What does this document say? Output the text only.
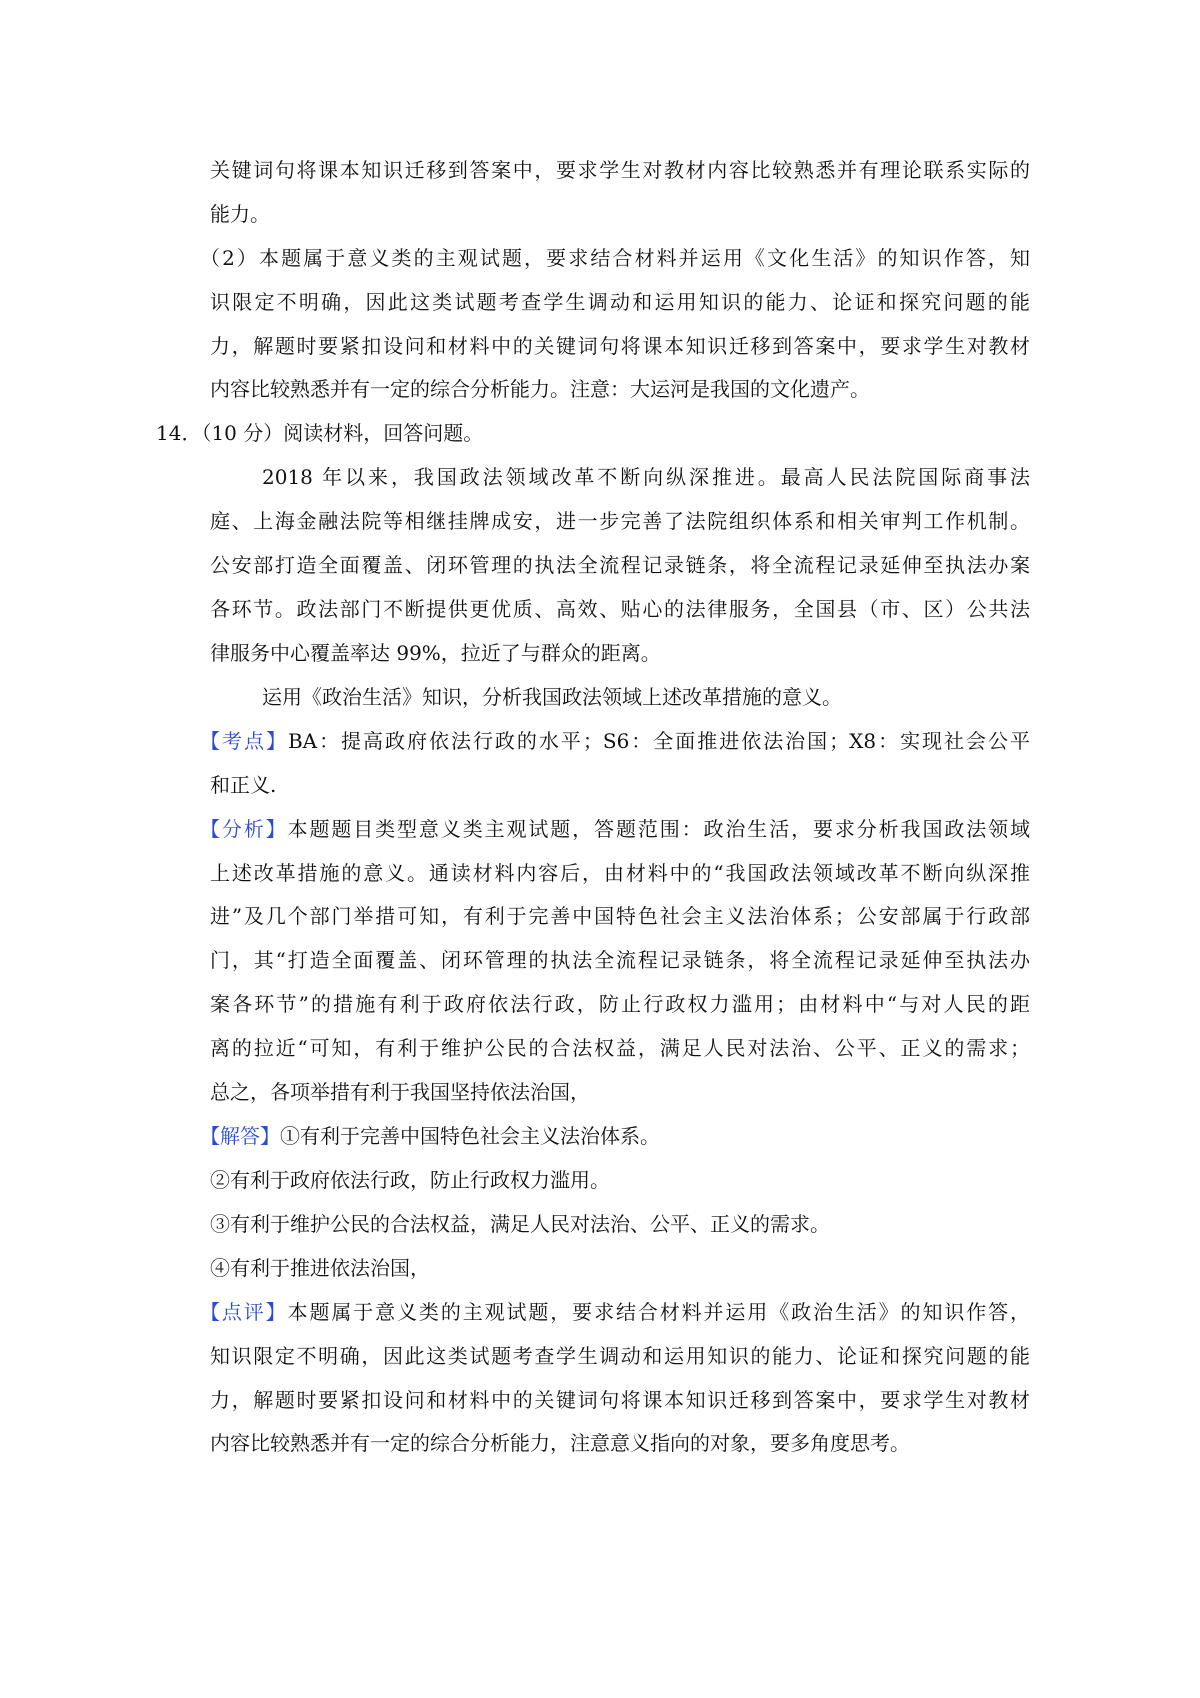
关键词句将课本知识迁移到答案中，要求学生对教材内容比较熟悉并有理论联系实际的
能力。
（2）本题属于意义类的主观试题，要求结合材料并运用《文化生活》的知识作答，知
识限定不明确，因此这类试题考查学生调动和运用知识的能力、论证和探究问题的能
力，解题时要紧扣设问和材料中的关键词句将课本知识迁移到答案中，要求学生对教材
内容比较熟悉并有一定的综合分析能力。注意：大运河是我国的文化遗产。
14．（10 分）阅读材料，回答问题。
2018 年以来，我国政法领域改革不断向纵深推进。最高人民法院国际商事法
庭、上海金融法院等相继挂牌成安，进一步完善了法院组织体系和相关审判工作机制。
公安部打造全面覆盖、闭环管理的执法全流程记录链条，将全流程记录延伸至执法办案
各环节。政法部门不断提供更优质、高效、贴心的法律服务，全国县（市、区）公共法
律服务中心覆盖率达 99%，拉近了与群众的距离。
运用《政治生活》知识，分析我国政法领域上述改革措施的意义。
【考点】BA：提高政府依法行政的水平；S6：全面推进依法治国；X8：实现社会公平
和正义.
【分析】本题题目类型意义类主观试题，答题范围：政治生活，要求分析我国政法领域
上述改革措施的意义。通读材料内容后，由材料中的“我国政法领域改革不断向纵深推
进”及几个部门举措可知，有利于完善中国特色社会主义法治体系；公安部属于行政部
门，其“打造全面覆盖、闭环管理的执法全流程记录链条，将全流程记录延伸至执法办
案各环节”的措施有利于政府依法行政，防止行政权力滥用；由材料中“与对人民的距
离的拉近“可知，有利于维护公民的合法权益，满足人民对法治、公平、正义的需求；
总之，各项举措有利于我国坚持依法治国，
【解答】①有利于完善中国特色社会主义法治体系。
②有利于政府依法行政，防止行政权力滥用。
③有利于维护公民的合法权益，满足人民对法治、公平、正义的需求。
④有利于推进依法治国，
【点评】本题属于意义类的主观试题，要求结合材料并运用《政治生活》的知识作答，
知识限定不明确，因此这类试题考查学生调动和运用知识的能力、论证和探究问题的能
力，解题时要紧扣设问和材料中的关键词句将课本知识迁移到答案中，要求学生对教材
内容比较熟悉并有一定的综合分析能力，注意意义指向的对象，要多角度思考。
